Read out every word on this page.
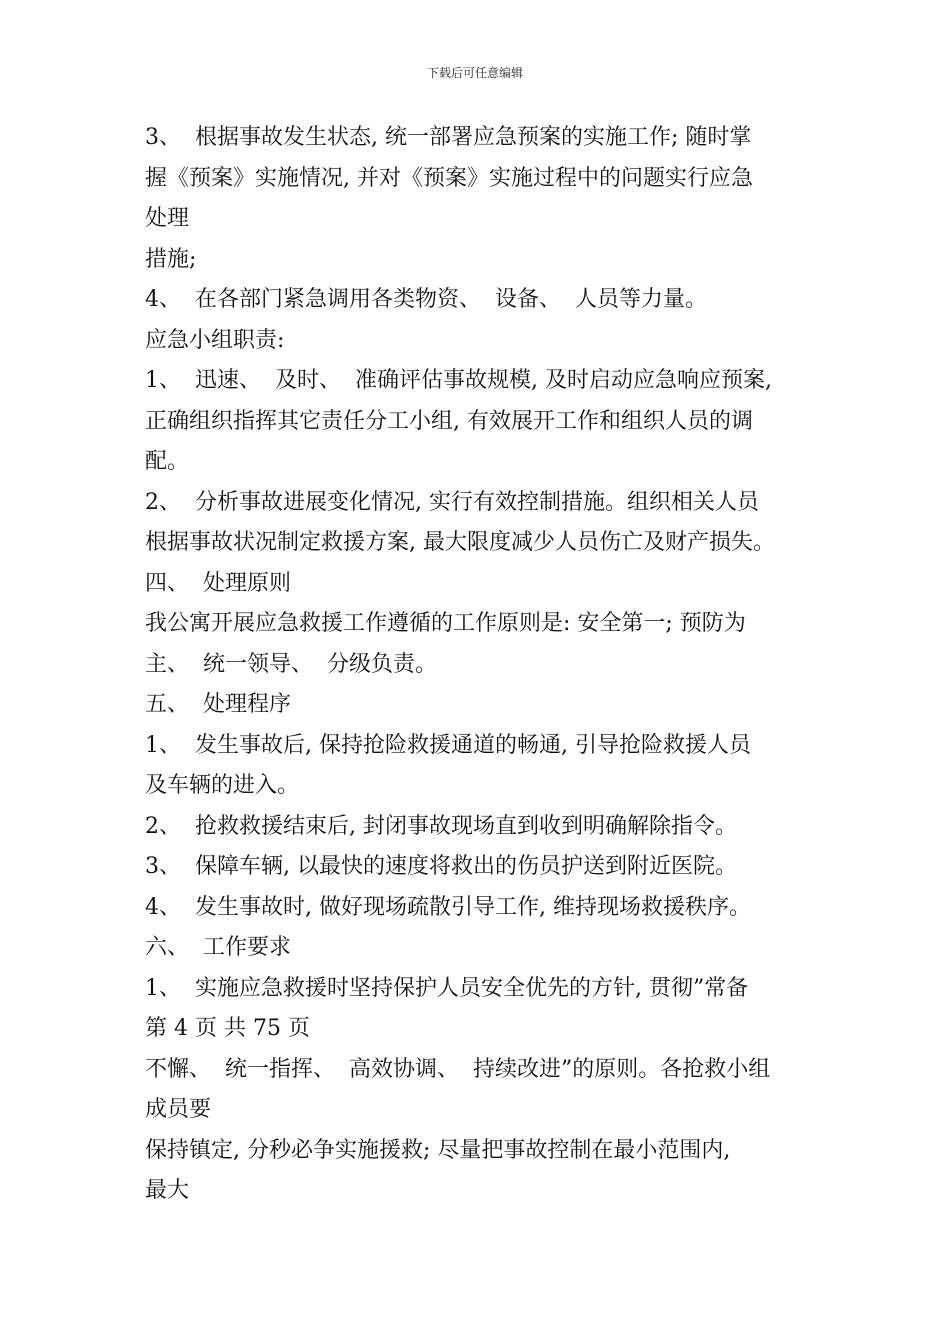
下载后可任意编辑
3、  根据事故发生状态, 统一部署应急预案的实施工作; 随时掌
握《预案》实施情况, 并对《预案》实施过程中的问题实行应急
处理
措施;
4、  在各部门紧急调用各类物资、  设备、  人员等力量。
应急小组职责:
1、  迅速、  及时、  准确评估事故规模, 及时启动应急响应预案,
正确组织指挥其它责任分工小组, 有效展开工作和组织人员的调
配。
2、  分析事故进展变化情况, 实行有效控制措施。组织相关人员
根据事故状况制定救援方案, 最大限度减少人员伤亡及财产损失。
四、  处理原则
我公寓开展应急救援工作遵循的工作原则是: 安全第一; 预防为
主、  统一领导、  分级负责。
五、  处理程序
1、  发生事故后, 保持抢险救援通道的畅通, 引导抢险救援人员
及车辆的进入。
2、  抢救救援结束后, 封闭事故现场直到收到明确解除指令。
3、  保障车辆, 以最快的速度将救出的伤员护送到附近医院。
4、  发生事故时, 做好现场疏散引导工作, 维持现场救援秩序。
六、  工作要求
1、  实施应急救援时坚持保护人员安全优先的方针, 贯彻”常备
第 4 页 共 75 页
不懈、  统一指挥、  高效协调、  持续改进”的原则。各抢救小组
成员要
保持镇定, 分秒必争实施援救; 尽量把事故控制在最小范围内,
最大
